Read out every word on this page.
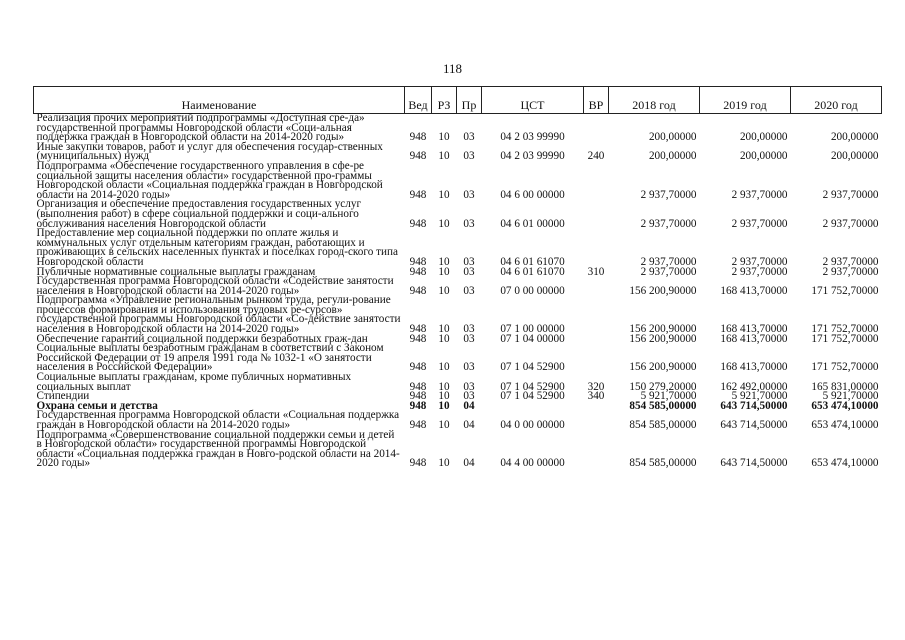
118
Наименование	Вед	РЗ	Пр	ЦСТ	ВР	2018 год	2019 год	2020 год
Реализация прочих мероприятий подпрограммы «Доступная сре-да» государственной программы Новгородской области «Соци-альная поддержка граждан в Новгородской области на 2014-2020 годы»	948	10	03	04 2 03 99990		200,00000	200,00000	200,00000
Иные закупки товаров, работ и услуг для обеспечения государ-ственных (муниципальных) нужд	948	10	03	04 2 03 99990	240	200,00000	200,00000	200,00000
Подпрограмма «Обеспечение государственного управления в сфе-ре социальной защиты населения области» государственной про-граммы Новгородской области «Социальная поддержка граждан в Новгородской области на 2014-2020 годы»	948	10	03	04 6 00 00000		2 937,70000	2 937,70000	2 937,70000
Организация и обеспечение предоставления государственных услуг (выполнения работ) в сфере социальной поддержки и соци-ального обслуживания населения Новгородской области	948	10	03	04 6 01 00000		2 937,70000	2 937,70000	2 937,70000
Предоставление мер социальной поддержки по оплате жилья и коммунальных услуг отдельным категориям граждан, работающих и проживающих в сельских населенных пунктах и поселках город-ского типа Новгородской области	948	10	03	04 6 01 61070		2 937,70000	2 937,70000	2 937,70000
Публичные нормативные социальные выплаты гражданам	948	10	03	04 6 01 61070	310	2 937,70000	2 937,70000	2 937,70000
Государственная программа Новгородской области «Содействие занятости населения в Новгородской области на 2014-2020 годы»	948	10	03	07 0 00 00000		156 200,90000	168 413,70000	171 752,70000
Подпрограмма «Управление региональным рынком труда, регули-рование процессов формирования и использования трудовых ре-сурсов» государственной программы Новгородской области «Со-действие занятости населения в Новгородской области на 2014-2020 годы»	948	10	03	07 1 00 00000		156 200,90000	168 413,70000	171 752,70000
Обеспечение гарантий социальной поддержки безработных граж-дан	948	10	03	07 1 04 00000		156 200,90000	168 413,70000	171 752,70000
Социальные выплаты безработным гражданам в соответствии с Законом Российской Федерации от 19 апреля 1991 года № 1032-1 «О занятости населения в Российской Федерации»	948	10	03	07 1 04 52900		156 200,90000	168 413,70000	171 752,70000
Социальные выплаты гражданам, кроме публичных нормативных социальных выплат	948	10	03	07 1 04 52900	320	150 279,20000	162 492,00000	165 831,00000
Стипендии	948	10	03	07 1 04 52900	340	5 921,70000	5 921,70000	5 921,70000
Охрана семьи и детства	948	10	04			854 585,00000	643 714,50000	653 474,10000
Государственная программа Новгородской области «Социальная поддержка граждан в Новгородской области на 2014-2020 годы»	948	10	04	04 0 00 00000		854 585,00000	643 714,50000	653 474,10000
Подпрограмма «Совершенствование социальной поддержки семьи и детей в Новгородской области» государственной программы Новгородской области «Социальная поддержка граждан в Новго-родской области на 2014-2020 годы»	948	10	04	04 4 00 00000		854 585,00000	643 714,50000	653 474,10000
